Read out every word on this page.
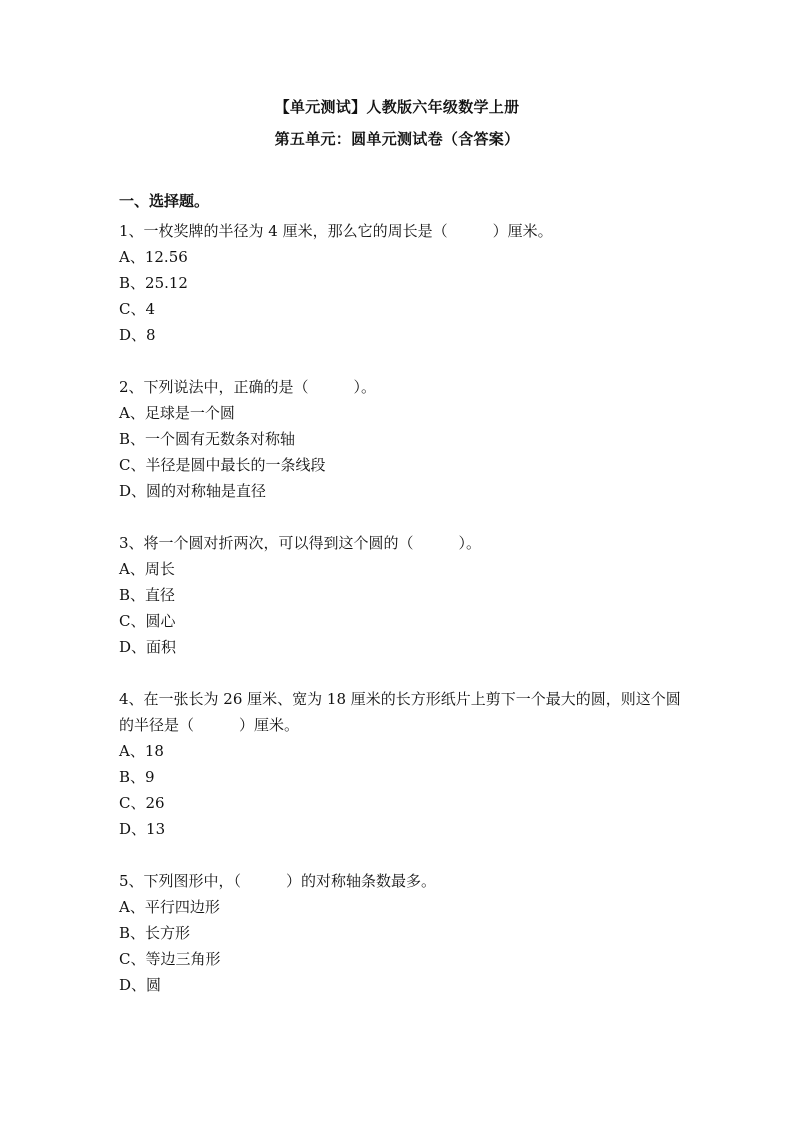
【单元测试】人教版六年级数学上册
第五单元：圆单元测试卷（含答案）
一、选择题。
1、一枚奖牌的半径为 4 厘米，那么它的周长是（　　　）厘米。
A、12.56
B、25.12
C、4
D、8
2、下列说法中，正确的是（　　　）。
A、足球是一个圆
B、一个圆有无数条对称轴
C、半径是圆中最长的一条线段
D、圆的对称轴是直径
3、将一个圆对折两次，可以得到这个圆的（　　　）。
A、周长
B、直径
C、圆心
D、面积
4、在一张长为 26 厘米、宽为 18 厘米的长方形纸片上剪下一个最大的圆，则这个圆的半径是（　　　）厘米。
A、18
B、9
C、26
D、13
5、下列图形中，（　　　）的对称轴条数最多。
A、平行四边形
B、长方形
C、等边三角形
D、圆
